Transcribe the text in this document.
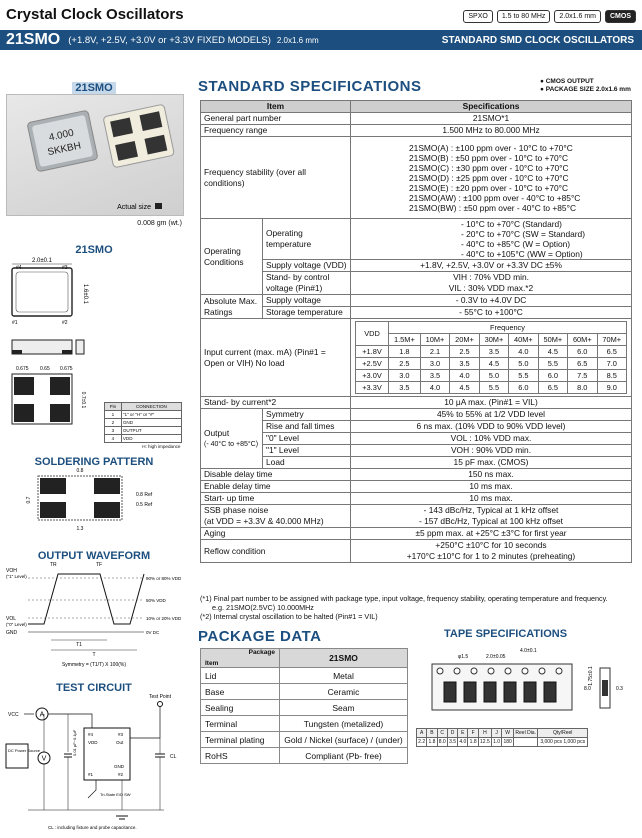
Crystal Clock Oscillators	SPXO	1.5 to 80 MHz	2.0x1.6 mm	CMOS
21SMO (+1.8V, +2.5V, +3.0V or +3.3V FIXED MODELS) 2.0x1.6 mm	STANDARD SMD CLOCK OSCILLATORS
21SMO
4.000
SKKBH
Actual size
0.008 gm (wt.)
21SMO
2.0±0.1
#4	#3
#1	#2
1.6±0.1
0.675 0.65 0.675
0.7±0.1	Pin	CONNECTION
1	"1" or "H" or "#"
2	GND
3	OUTPUT
4	VDD
H: high impedance	
SOLDERING PATTERN
0.8
0.7
1.3
0.8 Ref
0.5 Ref
OUTPUT WAVEFORM
VOH
("1" Level)
VOL
("0" Level)
GND
TR	TF
90% or 80% VDD
50% VDD
10% or 20% VDD
0V DC
T1
T
Symmetry = (T1/T) X 100(%)
TEST CIRCUIT
Test Point
VCC	A
DC Power Source
V
0.01 μF~0.1μF #4	#3
VDD	Out
#1	#2
GND
CL
Tri-State E/D SW
CL : including fixture and probe capacitance.
STANDARD SPECIFICATIONS	● CMOS OUTPUT
● PACKAGE SIZE 2.0x1.6 mm
Item	Specifications
General part number	21SMO*1
Frequency range	1.500 MHz to 80.000 MHz
Frequency stability (over all conditions)	
21SMO(A) : ±100 ppm over - 10°C to +70°C
21SMO(B) : ±50 ppm over - 10°C to +70°C
21SMO(C) : ±30 ppm over - 10°C to +70°C
21SMO(D) : ±25 ppm over - 10°C to +70°C
21SMO(E) : ±20 ppm over - 10°C to +70°C
21SMO(AW) : ±100 ppm over - 40°C to +85°C
21SMO(BW) : ±50 ppm over - 40°C to +85°C

Operating Conditions	Operating temperature	
- 10°C to +70°C (Standard)
- 20°C to +70°C (SW = Standard)
- 40°C to +85°C (W = Option)
- 40°C to +105°C (WW = Option)

Supply voltage (VDD)	+1.8V, +2.5V, +3.0V or +3.3V DC ±5%
Stand- by control voltage (Pin#1)	
VIH : 70% VDD min.
VIL : 30% VDD max.*2

Absolute Max. Ratings	Supply voltage	- 0.3V to +4.0V DC
Storage temperature	- 55°C to +100°C
Input current (max. mA) (Pin#1 = Open or VIH) No load	
VDD	Frequency
1.5M+	10M+	20M+	30M+	40M+	50M+	60M+	70M+
+1.8V	1.8	2.1	2.5	3.5	4.0	4.5	6.0	6.5
+2.5V	2.5	3.0	3.5	4.5	5.0	5.5	6.5	7.0
+3.0V	3.0	3.5	4.0	5.0	5.5	6.0	7.5	8.5
+3.3V	3.5	4.0	4.5	5.5	6.0	6.5	8.0	9.0

Stand- by current*2	10 μA max. (Pin#1 = VIL)

Output
(- 40°C to +85°C)
	Symmetry	45% to 55% at 1/2 VDD level
Rise and fall times	6 ns max. (10% VDD to 90% VDD level)
"0" Level	VOL : 10% VDD max.
"1" Level	VOH : 90% VDD min.
Load	15 pF max. (CMOS)
Disable delay time	150 ns max.
Enable delay time	10 ms max.
Start- up time	10 ms max.

SSB phase noise
(at VDD = +3.3V & 40.000 MHz)

- 143 dBc/Hz, Typical at 1 kHz offset
- 157 dBc/Hz, Typical at 100 kHz offset

Aging	±5 ppm max. at +25°C ±3°C for first year
Reflow condition	
+250°C ±10°C for 10 seconds
+170°C ±10°C for 1 to 2 minutes (preheating)
(*1) Final part number to be assigned with package type, input voltage, frequency stability, operating temperature and frequency.
e.g. 21SMO(2.5VC) 10.000MHz
(*2) Internal crystal oscillation to be halted (Pin#1 = VIL)
PACKAGE DATA
Package
Item	21SMO
Lid	Metal
Base	Ceramic
Sealing	Seam
Terminal	Tungsten (metalized)
Terminal plating	Gold / Nickel (surface) / (under)
RoHS	Compliant (Pb- free)
TAPE SPECIFICATIONS
4.0±0.1
φ1.5	2.0±0.05
1.75±0.1
8.0	0.3
A	B	C	D	E	F	H	J	W	Reel Dia.	Qty/Reel
2.2	1.8	8.0	3.5	4.0	1.8	12.5	1.0	180		3,000 pcs 1,000 pcs
